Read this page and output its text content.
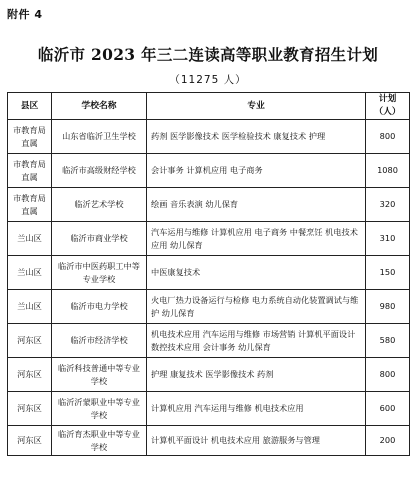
附件 4
临沂市 2023 年三二连读高等职业教育招生计划
（11275 人）
县区	学校名称	专业	计划（人）
市教育局直属	山东省临沂卫生学校	药剂 医学影像技术 医学检验技术 康复技术 护理	800
市教育局直属	临沂市高级财经学校	会计事务 计算机应用 电子商务	1080
市教育局直属	临沂艺术学校	绘画 音乐表演 幼儿保育	320
兰山区	临沂市商业学校	汽车运用与维修 计算机应用 电子商务 中餐烹饪 机电技术应用 幼儿保育	310
兰山区	临沂市中医药职工中等专业学校	中医康复技术	150
兰山区	临沂市电力学校	火电厂热力设备运行与检修 电力系统自动化装置调试与维护 幼儿保育	980
河东区	临沂市经济学校	机电技术应用 汽车运用与维修 市场营销 计算机平面设计 数控技术应用 会计事务 幼儿保育	580
河东区	临沂科技普通中等专业学校	护理 康复技术 医学影像技术 药剂	800
河东区	临沂沂蒙职业中等专业学校	计算机应用 汽车运用与维修 机电技术应用	600
河东区	临沂育杰职业中等专业学校	计算机平面设计 机电技术应用 旅游服务与管理	200
